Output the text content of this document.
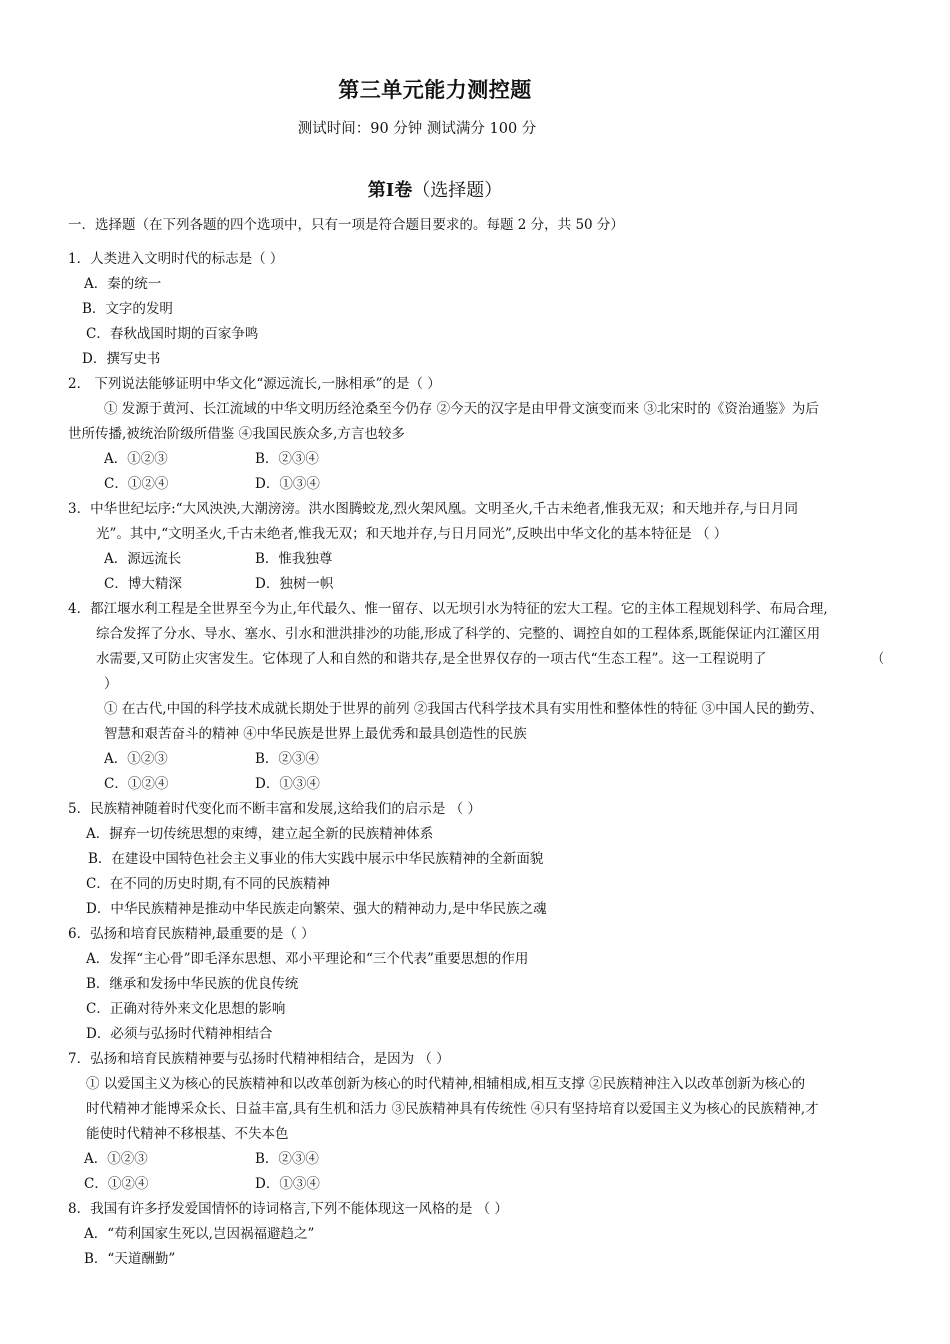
第三单元能力测控题
测试时间：90 分钟 测试满分 100 分
第Ⅰ卷（选择题）
一．选择题（在下列各题的四个选项中，只有一项是符合题目要求的。每题 2 分，共 50 分）
1．人类进入文明时代的标志是（ ）
A．秦的统一
B．文字的发明
C．春秋战国时期的百家争鸣
D．撰写史书
2． 下列说法能够证明中华文化“源远流长,一脉相承”的是（ ）
① 发源于黄河、长江流域的中华文明历经沧桑至今仍存 ②今天的汉字是由甲骨文演变而来 ③北宋时的《资治通鉴》为后
世所传播,被统治阶级所借鉴 ④我国民族众多,方言也较多
A．①②③	B．②③④
C．①②④	D．①③④
3．中华世纪坛序:“大风泱泱,大潮滂滂。洪水图腾蛟龙,烈火架风凰。文明圣火,千古未绝者,惟我无双；和天地并存,与日月同
光”。其中,“文明圣火,千古未绝者,惟我无双；和天地并存,与日月同光”,反映出中华文化的基本特征是 （ ）
A．源远流长	B．惟我独尊
C．博大精深	D．独树一帜
4．都江堰水利工程是全世界至今为止,年代最久、惟一留存、以无坝引水为特征的宏大工程。它的主体工程规划科学、布局合理,
综合发挥了分水、导水、塞水、引水和泄洪排沙的功能,形成了科学的、完整的、调控自如的工程体系,既能保证内江灌区用
水需要,又可防止灾害发生。它体现了人和自然的和谐共存,是全世界仅存的一项古代“生态工程”。这一工程说明了	（
）
① 在古代,中国的科学技术成就长期处于世界的前列 ②我国古代科学技术具有实用性和整体性的特征 ③中国人民的勤劳、
智慧和艰苦奋斗的精神 ④中华民族是世界上最优秀和最具创造性的民族
A．①②③	B．②③④
C．①②④	D．①③④
5．民族精神随着时代变化而不断丰富和发展,这给我们的启示是 （ ）
A．摒弃一切传统思想的束缚，建立起全新的民族精神体系
B．在建设中国特色社会主义事业的伟大实践中展示中华民族精神的全新面貌
C．在不同的历史时期,有不同的民族精神
D．中华民族精神是推动中华民族走向繁荣、强大的精神动力,是中华民族之魂
6．弘扬和培育民族精神,最重要的是（ ）
A．发挥“主心骨”即毛泽东思想、邓小平理论和“三个代表”重要思想的作用
B．继承和发扬中华民族的优良传统
C．正确对待外来文化思想的影响
D．必须与弘扬时代精神相结合
7．弘扬和培育民族精神要与弘扬时代精神相结合，是因为 （ ）
① 以爱国主义为核心的民族精神和以改革创新为核心的时代精神,相辅相成,相互支撑 ②民族精神注入以改革创新为核心的
时代精神才能博采众长、日益丰富,具有生机和活力 ③民族精神具有传统性 ④只有坚持培育以爱国主义为核心的民族精神,才
能使时代精神不移根基、不失本色
A．①②③	B．②③④
C．①②④	D．①③④
8．我国有许多抒发爱国情怀的诗词格言,下列不能体现这一风格的是 （ ）
A．“苟利国家生死以,岂因祸福避趋之”
B．“天道酬勤”
